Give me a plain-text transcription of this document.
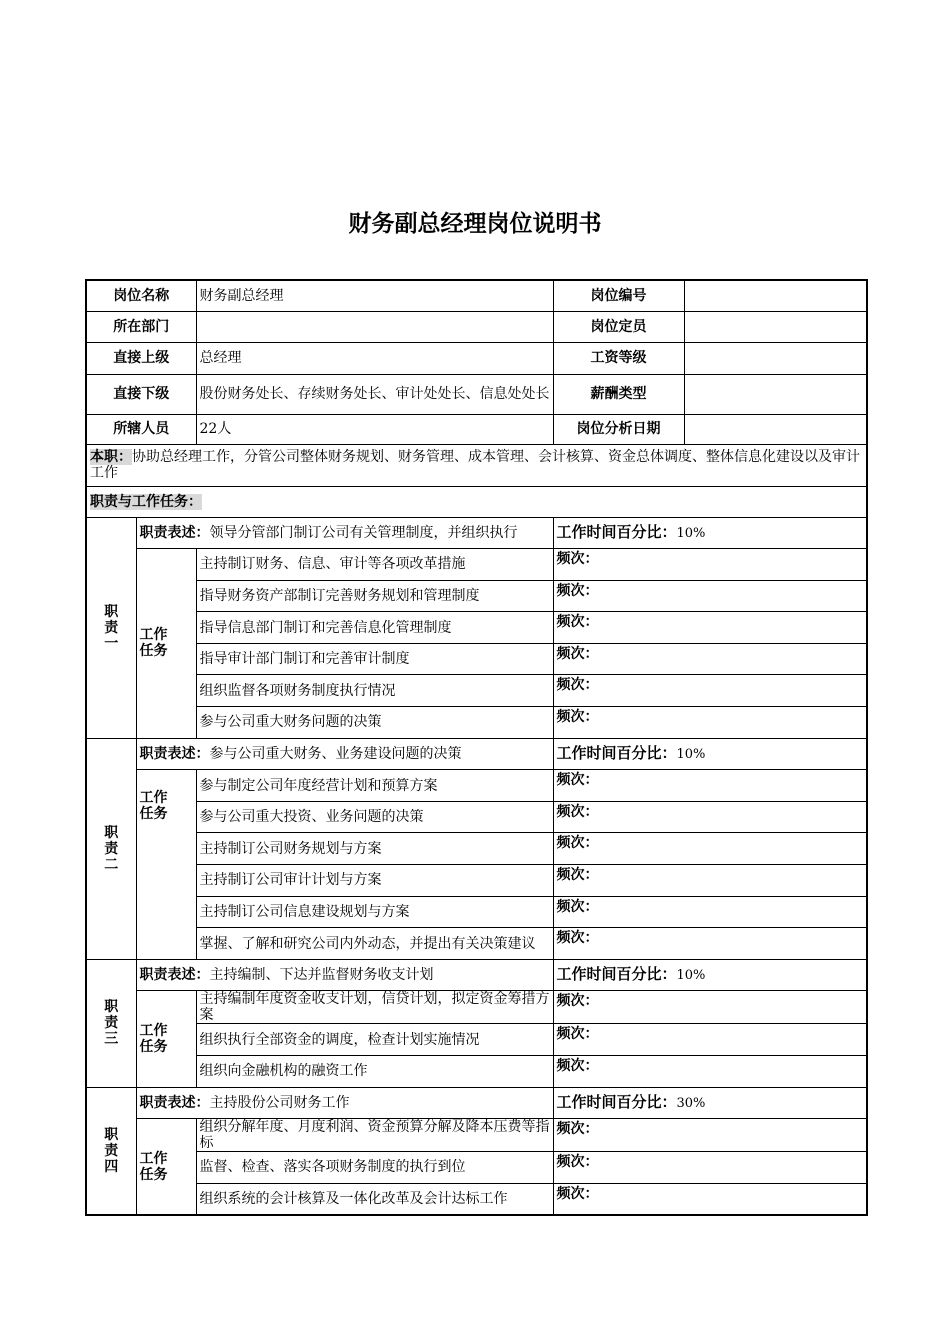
财务副总经理岗位说明书
岗位名称		财务副总经理	岗位编号	
所在部门			岗位定员	
直接上级		总经理	工资等级	
直接下级		股份财务处长、存续财务处长、审计处处长、信息处处长	薪酬类型	
所辖人员		22人	岗位分析日期	
本职：协助总经理工作，分管公司整体财务规划、财务管理、成本管理、会计核算、资金总体调度、整体信息化建设以及审计工作				
职责与工作任务：				

职责一	职责表述：领导分管部门制订公司有关管理制度，并组织执行		工作时间百分比：10%	

	工作任务	主持制订财务、信息、审计等各项改革措施	频次：	
		指导财务资产部制订完善财务规划和管理制度	频次：	
		指导信息部门制订和完善信息化管理制度	频次：	
		指导审计部门制订和完善审计制度	频次：	
		组织监督各项财务制度执行情况	频次：	
		参与公司重大财务问题的决策	频次：	

职责二	职责表述：参与公司重大财务、业务建设问题的决策		工作时间百分比：10%	

	工作任务	参与制定公司年度经营计划和预算方案	频次：	
		参与公司重大投资、业务问题的决策	频次：	
		主持制订公司财务规划与方案	频次：	
		主持制订公司审计计划与方案	频次：	
		主持制订公司信息建设规划与方案	频次：	
		掌握、了解和研究公司内外动态，并提出有关决策建议	频次：	

职责三	职责表述：主持编制、下达并监督财务收支计划		工作时间百分比：10%	

	工作任务	主持编制年度资金收支计划，信贷计划，拟定资金筹措方案	频次：	
		组织执行全部资金的调度，检查计划实施情况	频次：	
		组织向金融机构的融资工作	频次：	

职责四	职责表述：主持股份公司财务工作		工作时间百分比：30%	

	工作任务	组织分解年度、月度利润、资金预算分解及降本压费等指标	频次：	
		监督、检查、落实各项财务制度的执行到位	频次：	
		组织系统的会计核算及一体化改革及会计达标工作	频次：	
